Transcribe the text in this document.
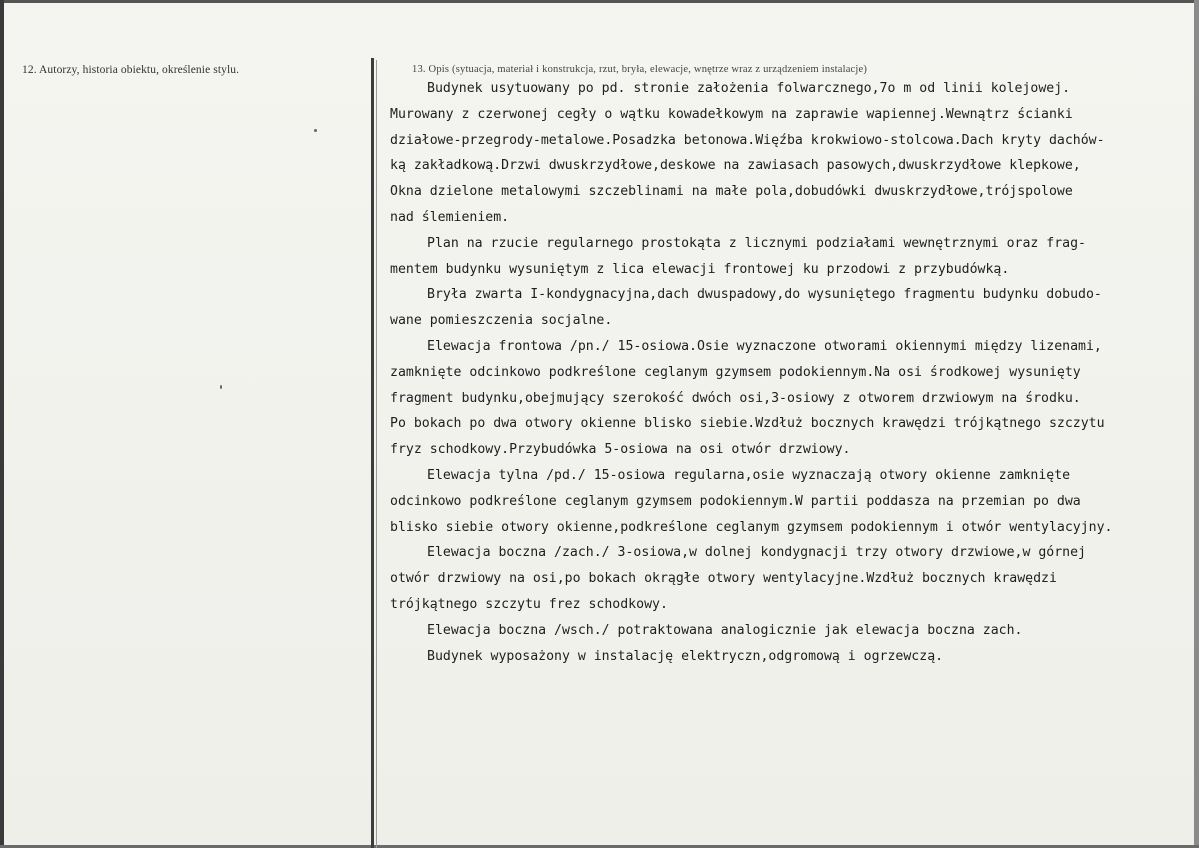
12. Autorzy, historia obiektu, określenie stylu.	13. Opis (sytuacja, materiał i konstrukcja, rzut, bryła, elewacje, wnętrze wraz z urządzeniem instalacje)
Budynek usytuowany po pd. stronie założenia folwarcznego,7o m od linii kolejowej.
Murowany z czerwonej cegły o wątku kowadełkowym na zaprawie wapiennej.Wewnątrz ścianki
działowe-przegrody-metalowe.Posadzka betonowa.Więźba krokwiowo-stolcowa.Dach kryty dachów-
ką zakładkową.Drzwi dwuskrzydłowe,deskowe na zawiasach pasowych,dwuskrzydłowe klepkowe,
Okna dzielone metalowymi szczeblinami na małe pola,dobudówki dwuskrzydłowe,trójspolowe
nad ślemieniem.
Plan na rzucie regularnego prostokąta z licznymi podziałami wewnętrznymi oraz frag-
mentem budynku wysuniętym z lica elewacji frontowej ku przodowi z przybudówką.
Bryła zwarta I-kondygnacyjna,dach dwuspadowy,do wysuniętego fragmentu budynku dobudo-
wane pomieszczenia socjalne.
Elewacja frontowa /pn./ 15-osiowa.Osie wyznaczone otworami okiennymi między lizenami,
zamknięte odcinkowo podkreślone ceglanym gzymsem podokiennym.Na osi środkowej wysunięty
fragment budynku,obejmujący szerokość dwóch osi,3-osiowy z otworem drzwiowym na środku.
Po bokach po dwa otwory okienne blisko siebie.Wzdłuż bocznych krawędzi trójkątnego szczytu
fryz schodkowy.Przybudówka 5-osiowa na osi otwór drzwiowy.
Elewacja tylna /pd./ 15-osiowa regularna,osie wyznaczają otwory okienne zamknięte
odcinkowo podkreślone ceglanym gzymsem podokiennym.W partii poddasza na przemian po dwa
blisko siebie otwory okienne,podkreślone ceglanym gzymsem podokiennym i otwór wentylacyjny.
Elewacja boczna /zach./ 3-osiowa,w dolnej kondygnacji trzy otwory drzwiowe,w górnej
otwór drzwiowy na osi,po bokach okrągłe otwory wentylacyjne.Wzdłuż bocznych krawędzi
trójkątnego szczytu frez schodkowy.
Elewacja boczna /wsch./ potraktowana analogicznie jak elewacja boczna zach.
Budynek wyposażony w instalację elektryczn,odgromową i ogrzewczą.
